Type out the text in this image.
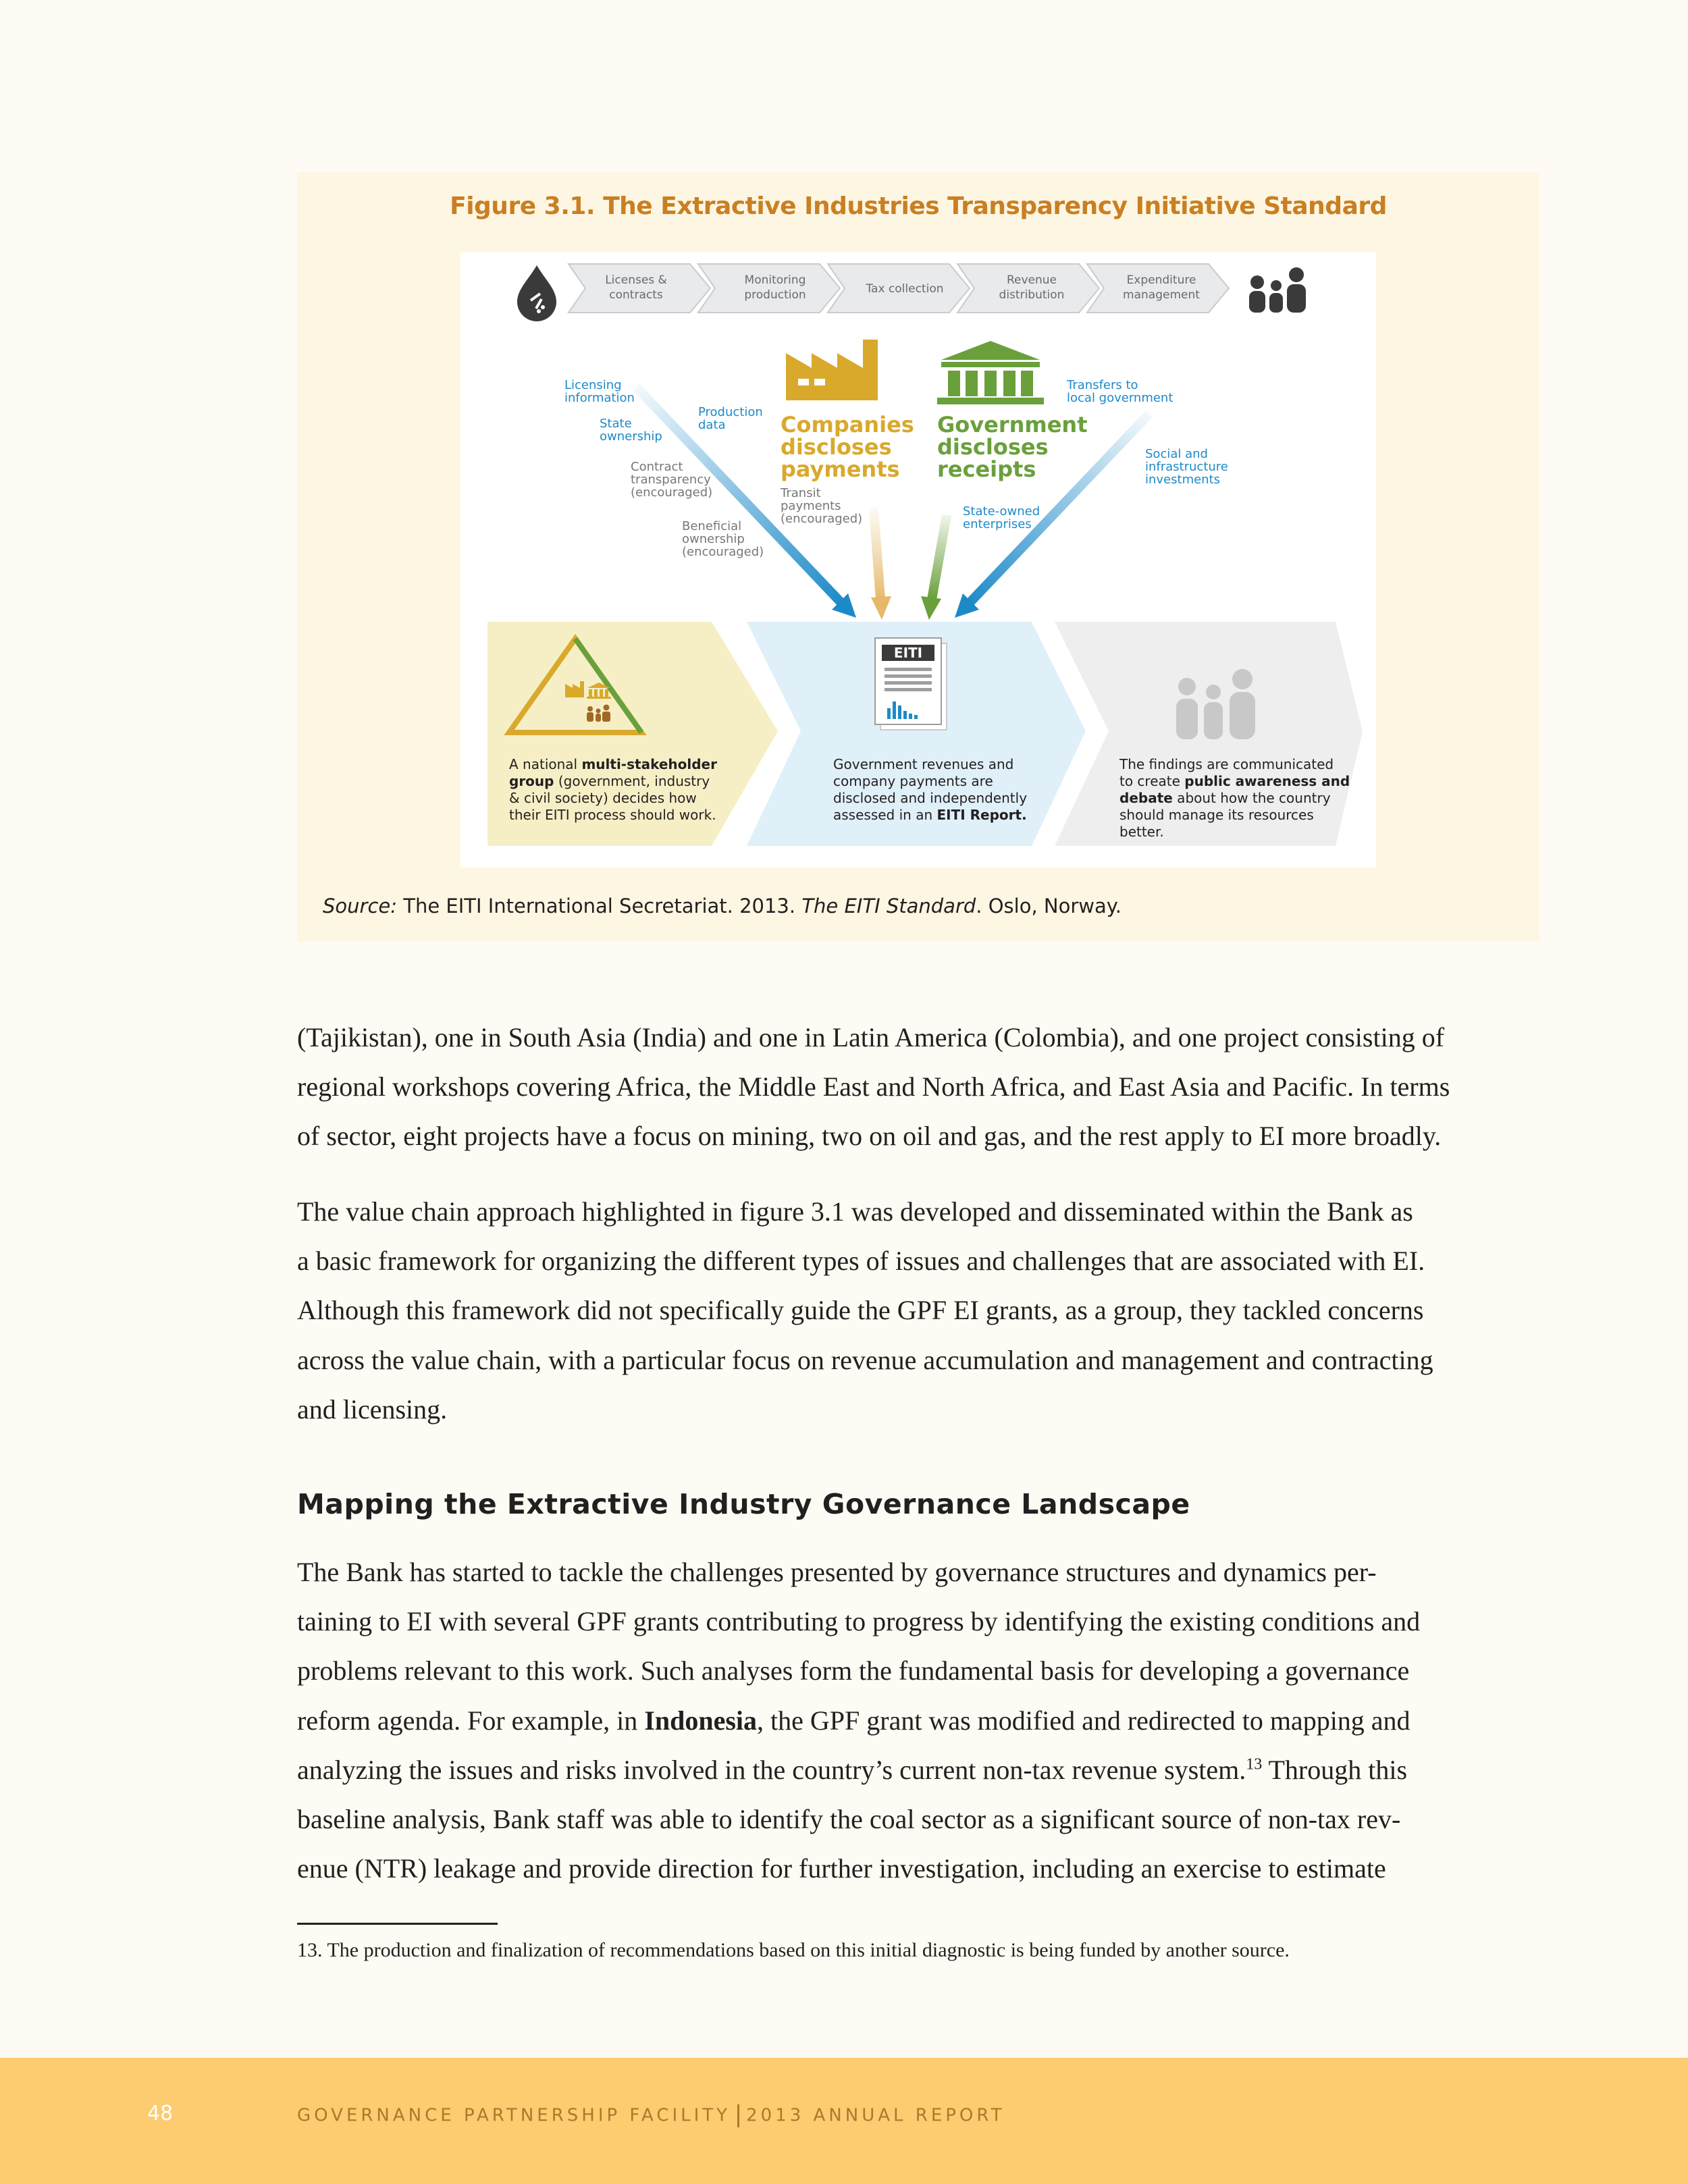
Figure 3.1. The Extractive Industries Transparency Initiative Standard
Licenses &
contracts
Monitoring
production	Tax collection
Revenue
distribution
Expenditure
management
Companies
discloses
payments
Government
discloses
receipts
Licensing
information
State
ownership
Production
data
Contract
transparency
(encouraged)
Beneficial
ownership
(encouraged)
Transit
payments
(encouraged)
Transfers to
local government
Social and
infrastructure
investments
State-owned
enterprises
A national multi-stakeholder
group (government, industry
& civil society) decides how
their EITI process should work.
EITI
Government revenues and
company payments are
disclosed and independently
assessed in an EITI Report.
The findings are communicated
to create public awareness and
debate about how the country
should manage its resources
better.
Source: The EITI International Secretariat. 2013. The EITI Standard. Oslo, Norway.

(Tajikistan), one in South Asia (India) and one in Latin America (Colombia), and one project consisting of

regional workshops covering Africa, the Middle East and North Africa, and East Asia and Pacific. In terms

of sector, eight projects have a focus on mining, two on oil and gas, and the rest apply to EI more broadly.

The value chain approach highlighted in figure 3.1 was developed and disseminated within the Bank as

a basic framework for organizing the different types of issues and challenges that are associated with EI.

Although this framework did not specifically guide the GPF EI grants, as a group, they tackled concerns

across the value chain, with a particular focus on revenue accumulation and management and contracting

and licensing.

Mapping the Extractive Industry Governance Landscape

The Bank has started to tackle the challenges presented by governance structures and dynamics per-

taining to EI with several GPF grants contributing to progress by identifying the existing conditions and

problems relevant to this work. Such analyses form the fundamental basis for developing a governance

reform agenda. For example, in Indonesia, the GPF grant was modified and redirected to mapping and

analyzing the issues and risks involved in the country’s current non-tax revenue system.$^{13}$ Through this

baseline analysis, Bank staff was able to identify the coal sector as a significant source of non-tax rev-

enue (NTR) leakage and provide direction for further investigation, including an exercise to estimate

13. The production and finalization of recommendations based on this initial diagnostic is being funded by another source.
48	GOVERNANCE PARTNERSHIP FACILITY 2013 ANNUAL REPORT
